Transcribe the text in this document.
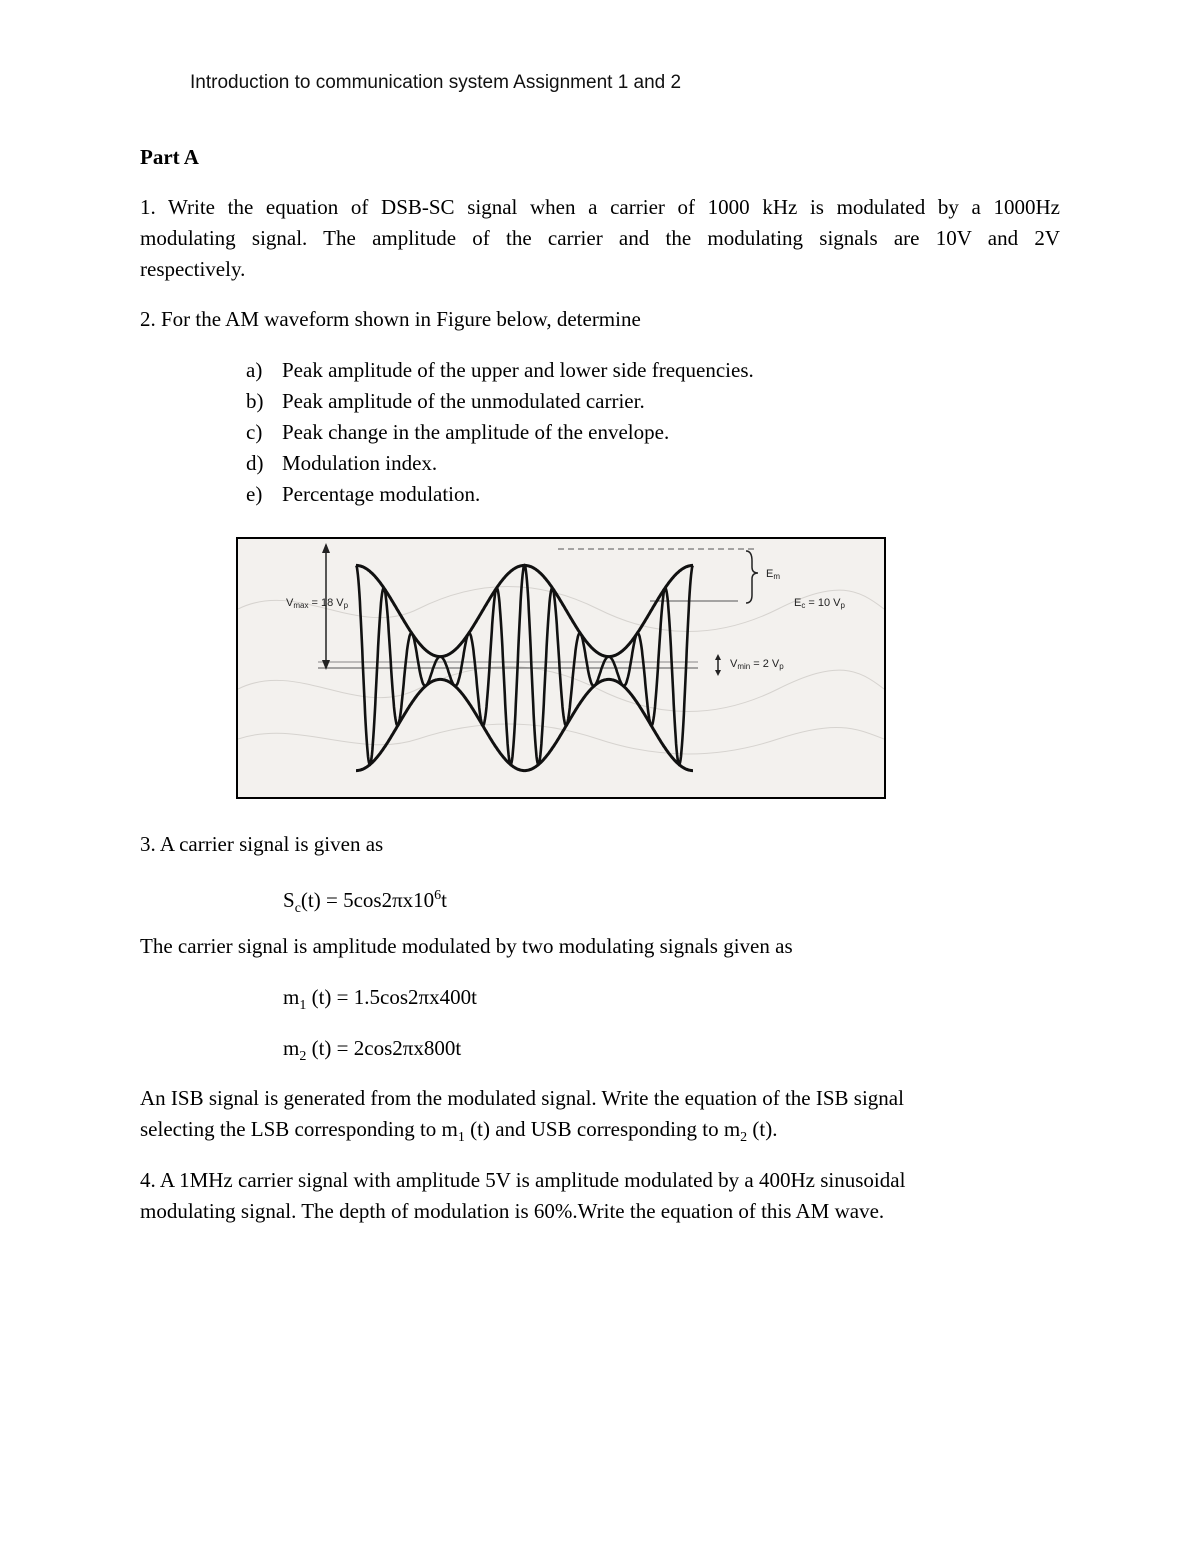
Introduction to communication system Assignment 1 and 2
Part A
1. Write the equation of DSB-SC signal when a carrier of 1000 kHz is modulated by a 1000Hz
modulating signal. The amplitude of the carrier and the modulating signals are 10V and 2V
respectively.
2. For the AM waveform shown in Figure below, determine
a) Peak amplitude of the upper and lower side frequencies.
b) Peak amplitude of the unmodulated carrier.
c) Peak change in the amplitude of the envelope.
d) Modulation index.
e) Percentage modulation.
Vmax = 18 Vp
Em
Ec = 10 Vp
Vmin = 2 Vp
3. A carrier signal is given as
$S_c(t) = 5\cos 2\pi x10^6t$
The carrier signal is amplitude modulated by two modulating signals given as
$m_1$ (t) = 1.5cos2πx400t
$m_2$ (t) = 2cos2πx800t
An ISB signal is generated from the modulated signal. Write the equation of the ISB signal
selecting the LSB corresponding to $m_1$ (t) and USB corresponding to $m_2$ (t).
4. A 1MHz carrier signal with amplitude 5V is amplitude modulated by a 400Hz sinusoidal
modulating signal. The depth of modulation is 60%.Write the equation of this AM wave.
